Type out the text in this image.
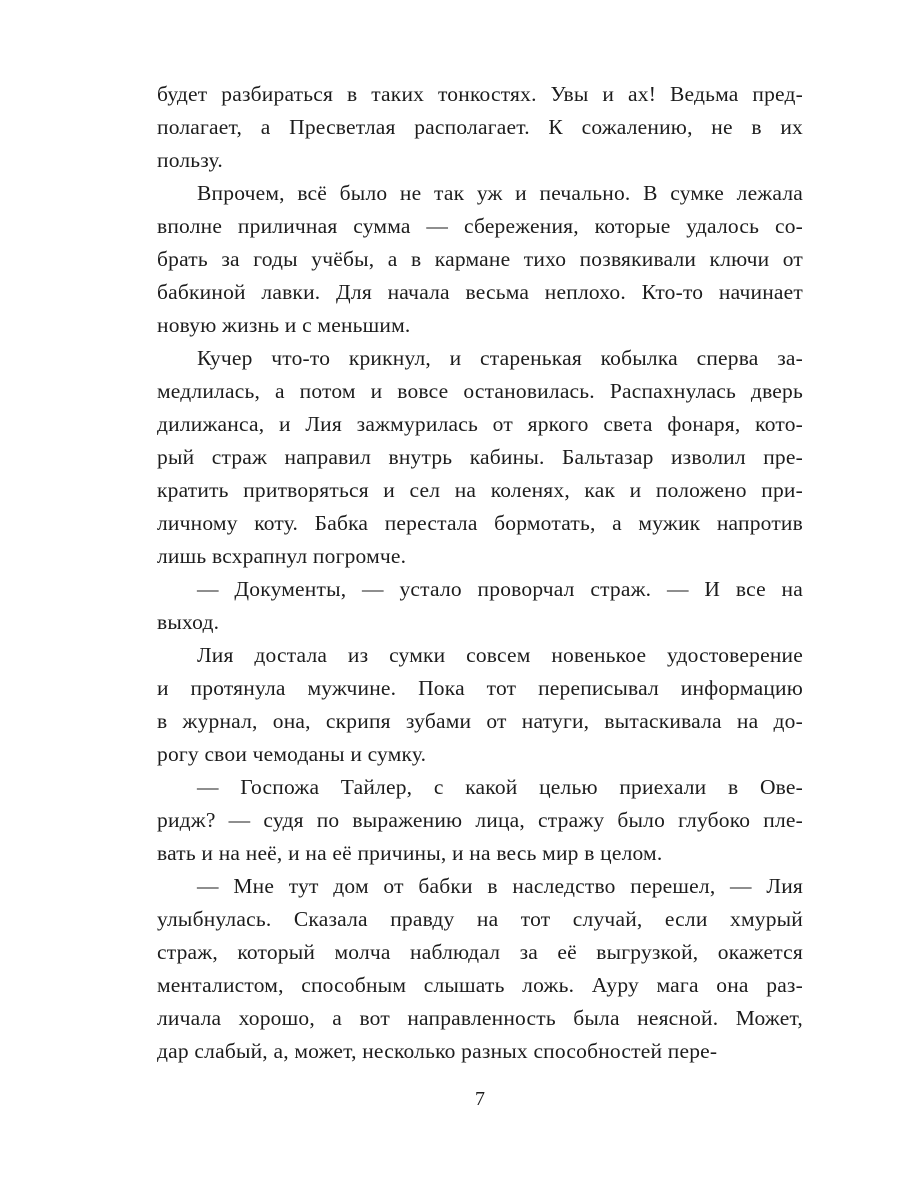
будет разбираться в таких тонкостях. Увы и ах! Ведьма пред-
полагает, а Пресветлая располагает. К сожалению, не в их
пользу.
Впрочем, всё было не так уж и печально. В сумке лежала
вполне приличная сумма — сбережения, которые удалось со-
брать за годы учёбы, а в кармане тихо позвякивали ключи от
бабкиной лавки. Для начала весьма неплохо. Кто-то начинает
новую жизнь и с меньшим.
Кучер что-то крикнул, и старенькая кобылка сперва за-
медлилась, а потом и вовсе остановилась. Распахнулась дверь
дилижанса, и Лия зажмурилась от яркого света фонаря, кото-
рый страж направил внутрь кабины. Бальтазар изволил пре-
кратить притворяться и сел на коленях, как и положено при-
личному коту. Бабка перестала бормотать, а мужик напротив
лишь всхрапнул погромче.
— Документы, — устало проворчал страж. — И все на
выход.
Лия достала из сумки совсем новенькое удостоверение
и протянула мужчине. Пока тот переписывал информацию
в журнал, она, скрипя зубами от натуги, вытаскивала на до-
рогу свои чемоданы и сумку.
— Госпожа Тайлер, с какой целью приехали в Ове-
ридж? — судя по выражению лица, стражу было глубоко пле-
вать и на неё, и на её причины, и на весь мир в целом.
— Мне тут дом от бабки в наследство перешел, — Лия
улыбнулась. Сказала правду на тот случай, если хмурый
страж, который молча наблюдал за её выгрузкой, окажется
менталистом, способным слышать ложь. Ауру мага она раз-
личала хорошо, а вот направленность была неясной. Может,
дар слабый, а, может, несколько разных способностей пере-
7
